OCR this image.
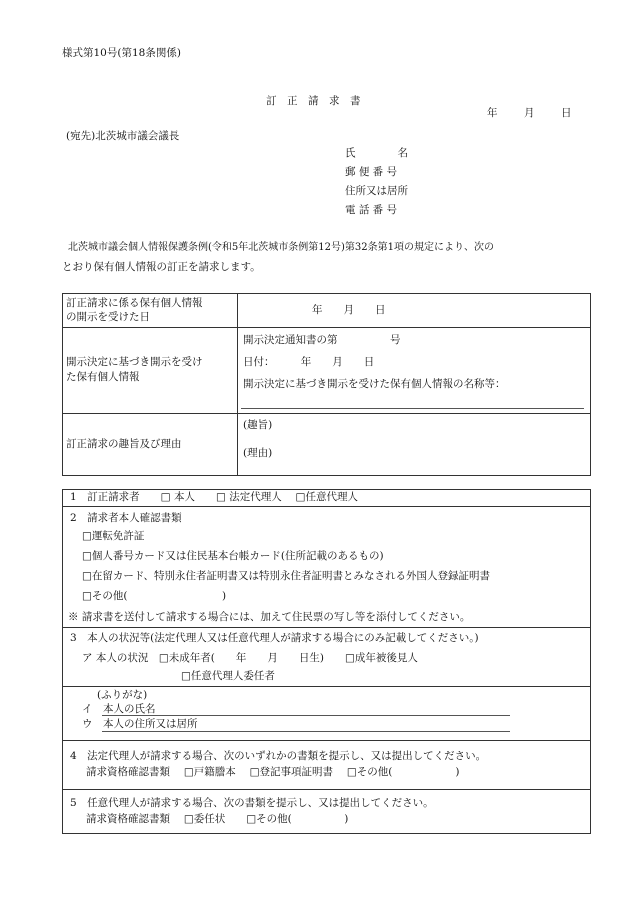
様式第10号(第18条関係)
訂　正　請　求　書
年	月	日
(宛先)北茨城市議会議長
氏　　　　名
郵 便 番 号
住所又は居所
電 話 番 号
北茨城市議会個人情報保護条例(令和5年北茨城市条例第12号)第32条第1項の規定により、次の
とおり保有個人情報の訂正を請求します。
訂正請求に係る保有個人情報
の開示を受けた日
年　　月　　日
開示決定に基づき開示を受け
た保有個人情報
開示決定通知書の第　　　　　号
日付：　　　年　　月　　日
開示決定に基づき開示を受けた保有個人情報の名称等：
訂正請求の趣旨及び理由
(趣旨)
(理由)
1　訂正請求者　　□ 本人　　□ 法定代理人　 □任意代理人
2　請求者本人確認書類
□運転免許証
□個人番号カード又は住民基本台帳カード(住所記載のあるもの)
□在留カード、特別永住者証明書又は特別永住者証明書とみなされる外国人登録証明書
□その他(　　　　　　　　　)
※ 請求書を送付して請求する場合には、加えて住民票の写し等を添付してください。
3　本人の状況等(法定代理人又は任意代理人が請求する場合にのみ記載してください。)
ア 本人の状況　□未成年者(　　年　　月　　日生)　　□成年被後見人
□任意代理人委任者
(ふりがな)
イ　本人の氏名
ウ　本人の住所又は居所
4　法定代理人が請求する場合、次のいずれかの書類を提示し、又は提出してください。
請求資格確認書類　 □戸籍謄本　 □登記事項証明書　 □その他(　　　　　　)
5　任意代理人が請求する場合、次の書類を提示し、又は提出してください。
請求資格確認書類　 □委任状　　□その他(　　　　　)
